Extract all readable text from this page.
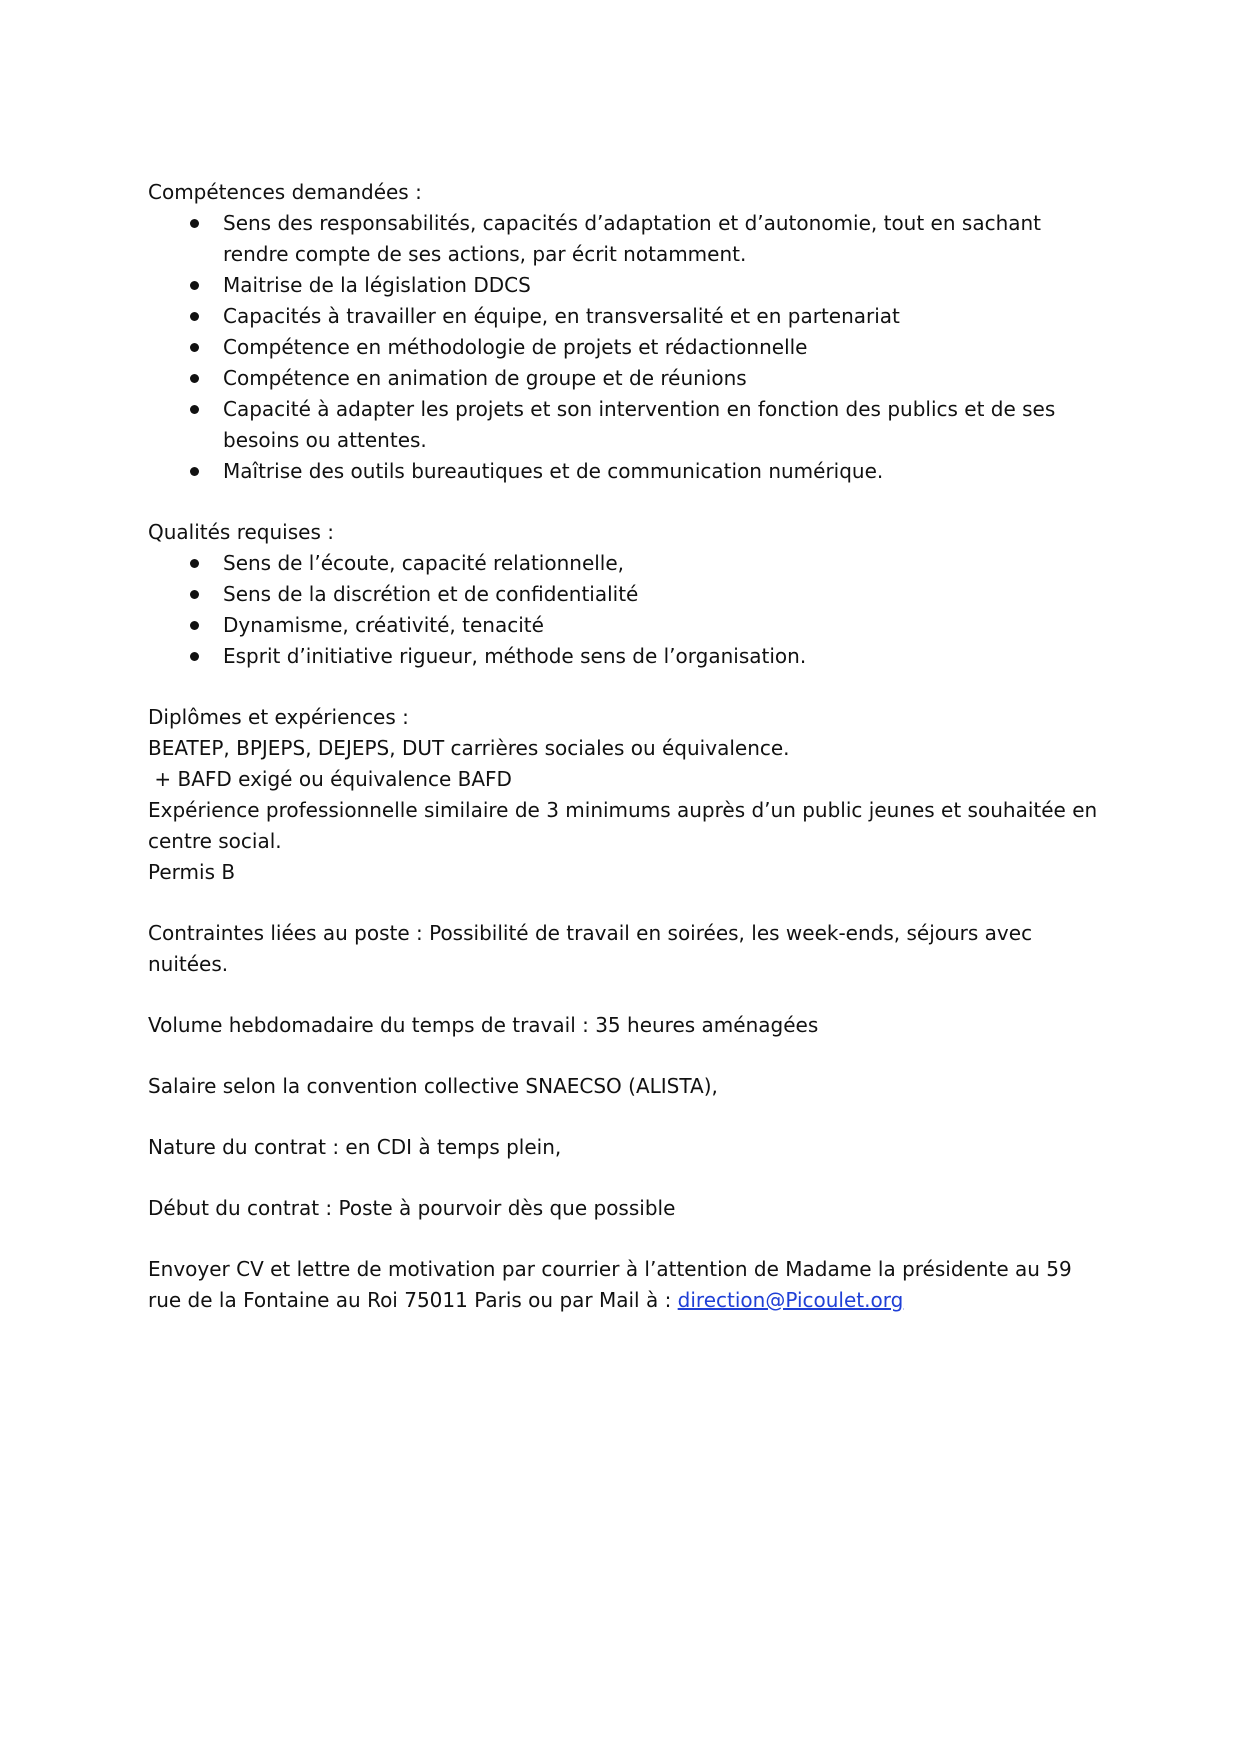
Compétences demandées :

Sens des responsabilités, capacités d’adaptation et d’autonomie, tout en sachant rendre compte de ses actions, par écrit notamment.
Maitrise de la législation DDCS
Capacités à travailler en équipe, en transversalité et en partenariat
Compétence en méthodologie de projets et rédactionnelle
Compétence en animation de groupe et de réunions
Capacité à adapter les projets et son intervention en fonction des publics et de ses besoins ou attentes.
Maîtrise des outils bureautiques et de communication numérique.

Qualités requises :

Sens de l’écoute, capacité relationnelle,
Sens de la discrétion et de confidentialité
Dynamisme, créativité, tenacité
Esprit d’initiative rigueur, méthode sens de l’organisation.

Diplômes et expériences :

BEATEP, BPJEPS, DEJEPS, DUT carrières sociales ou équivalence.

+ BAFD exigé ou équivalence BAFD

Expérience professionnelle similaire de 3 minimums auprès d’un public jeunes et souhaitée en centre social.

Permis B

Contraintes liées au poste : Possibilité de travail en soirées, les week-ends, séjours avec nuitées.

Volume hebdomadaire du temps de travail : 35 heures aménagées

Salaire selon la convention collective SNAECSO (ALISTA),

Nature du contrat : en CDI à temps plein,

Début du contrat : Poste à pourvoir dès que possible

Envoyer CV et lettre de motivation par courrier à l’attention de Madame la présidente au 59 rue de la Fontaine au Roi 75011 Paris ou par Mail à : direction@Picoulet.org
